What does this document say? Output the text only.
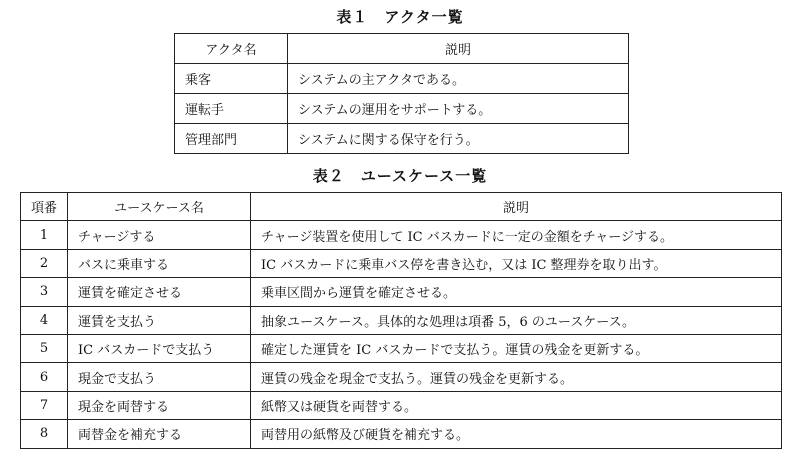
表１　アクタ一覧
アクタ名	説明
乗客	システムの主アクタである。
運転手	システムの運用をサポートする。
管理部門	システムに関する保守を行う。
表２　ユースケース一覧
項番	ユースケース名	説明
1	チャージする	チャージ装置を使用して IC バスカードに一定の金額をチャージする。
2	バスに乗車する	IC バスカードに乗車バス停を書き込む，又は IC 整理券を取り出す。
3	運賃を確定させる	乗車区間から運賃を確定させる。
4	運賃を支払う	抽象ユースケース。具体的な処理は項番 5，6 のユースケース。
5	IC バスカードで支払う	確定した運賃を IC バスカードで支払う。運賃の残金を更新する。
6	現金で支払う	運賃の残金を現金で支払う。運賃の残金を更新する。
7	現金を両替する	紙幣又は硬貨を両替する。
8	両替金を補充する	両替用の紙幣及び硬貨を補充する。
